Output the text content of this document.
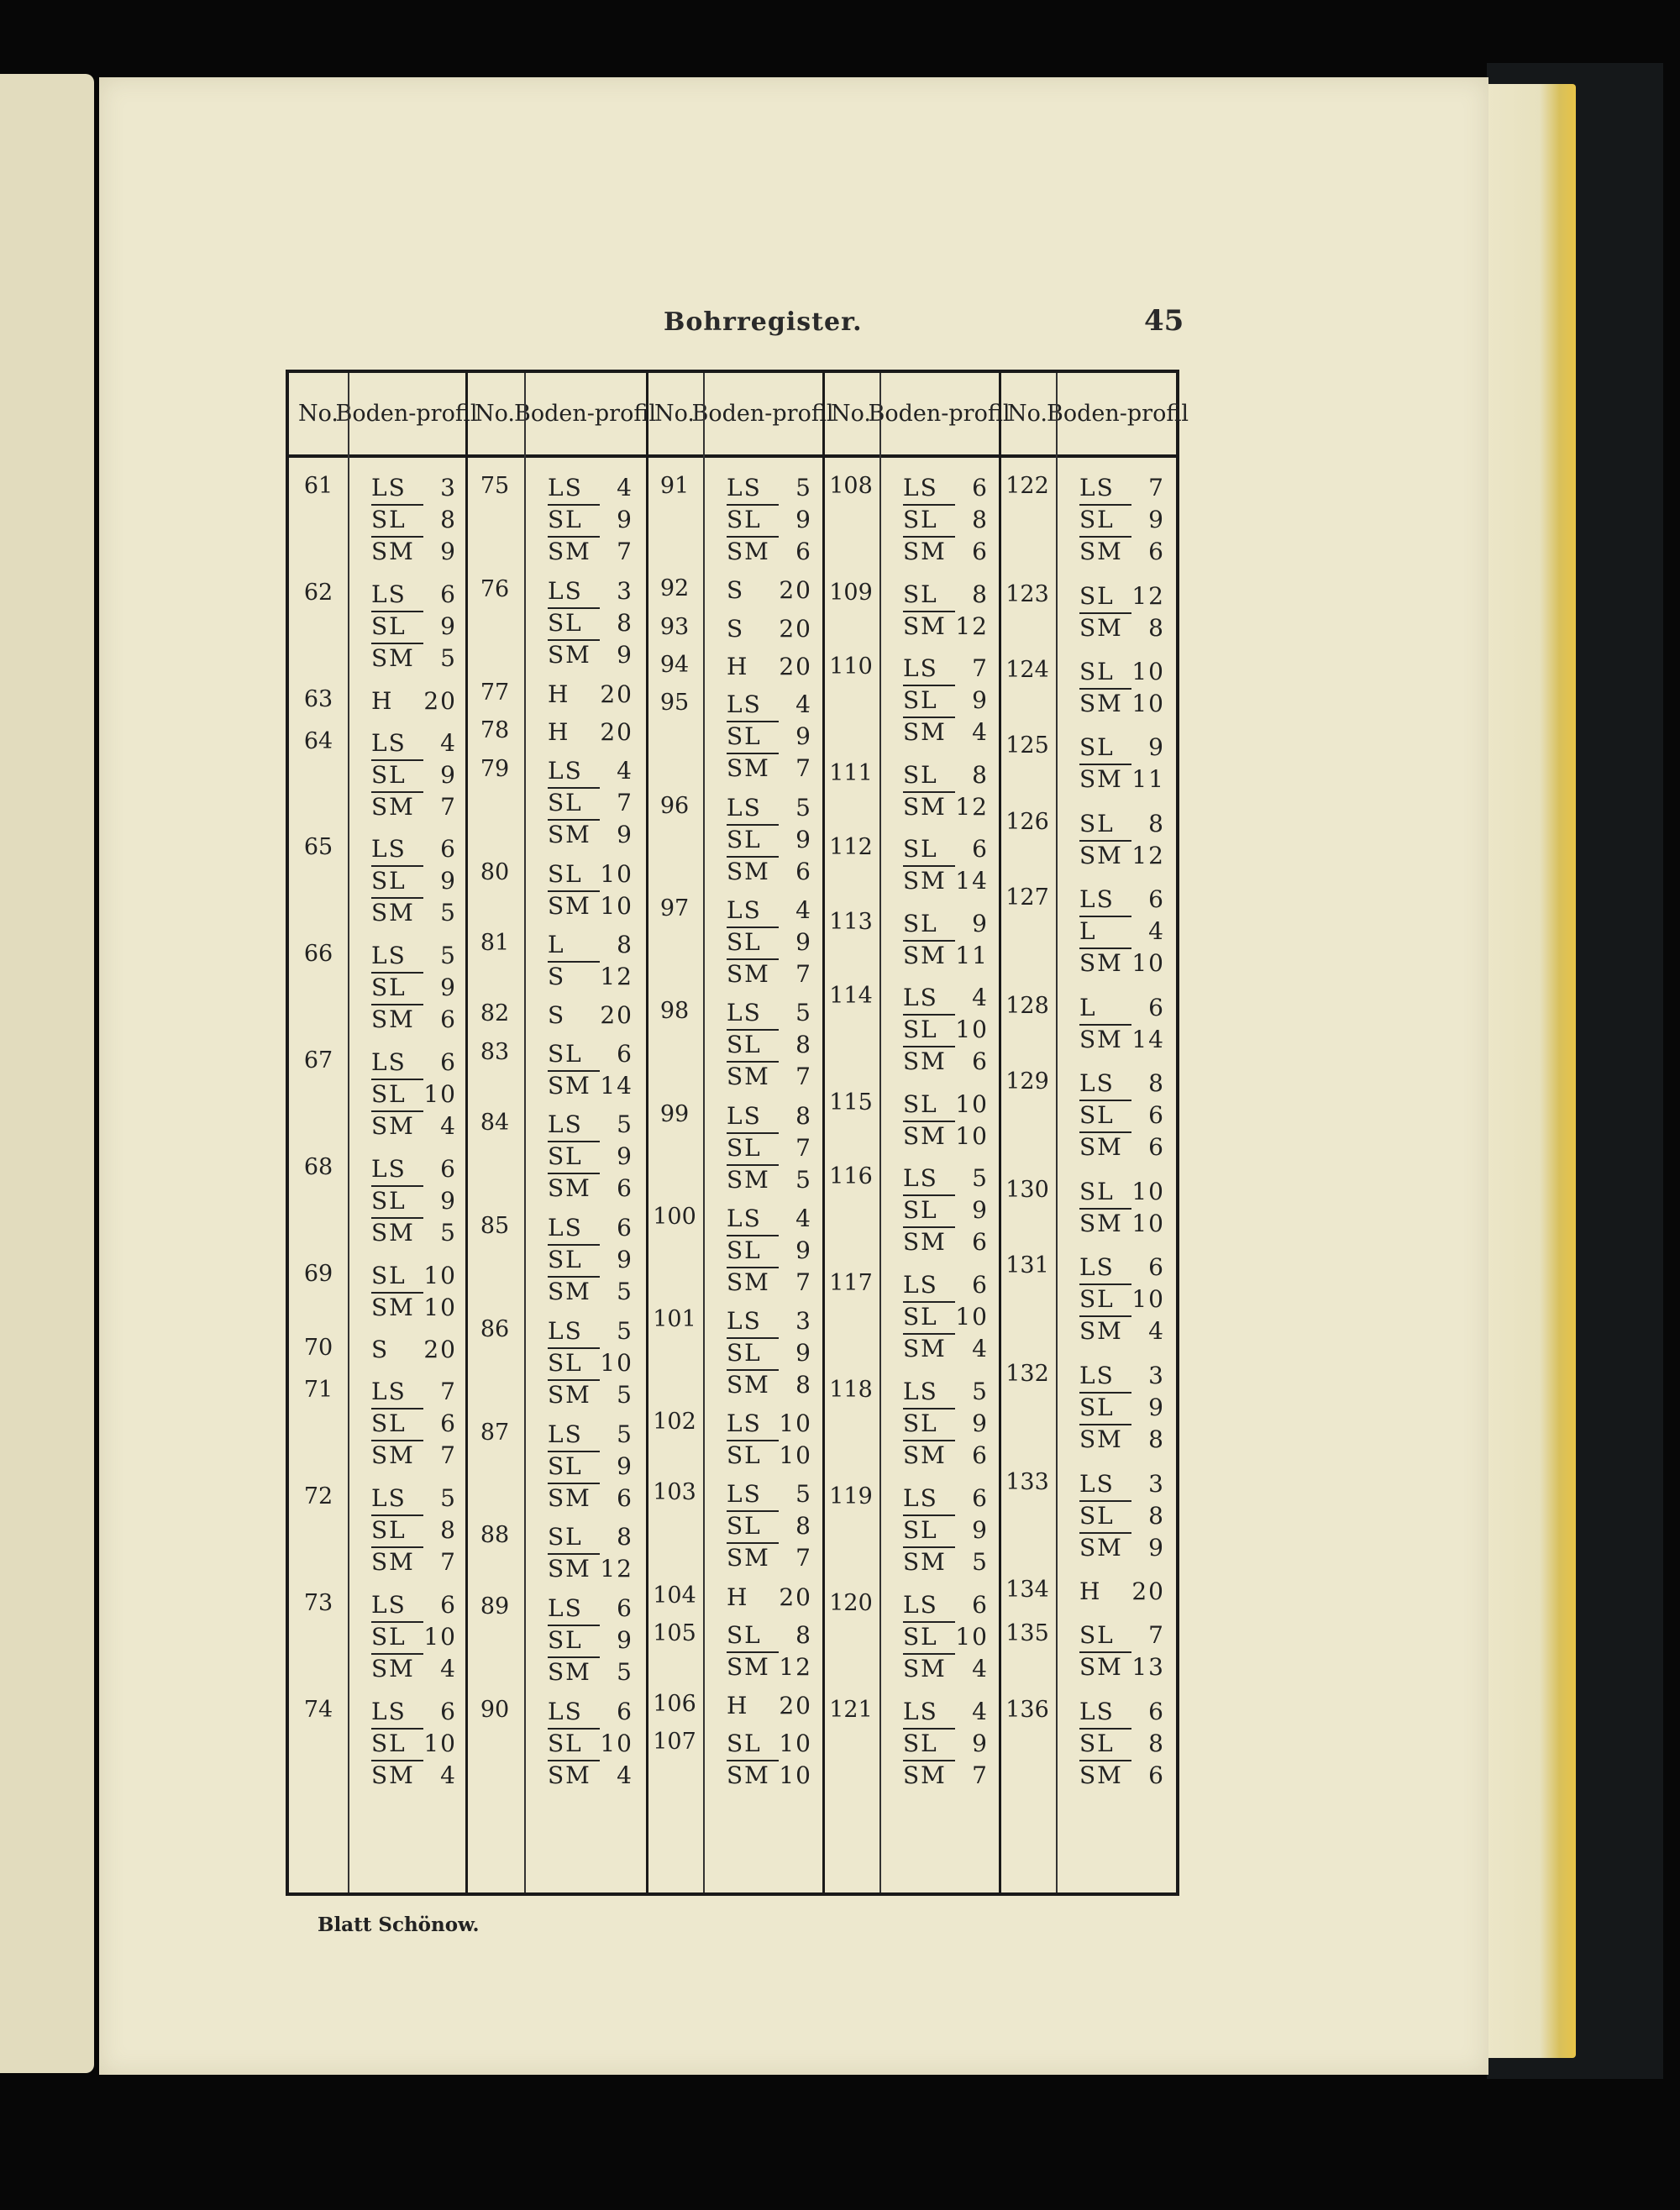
Bohrregister.	45
No.
Boden- profil
61	LS 3
SL 8
SM 9
62	LS 6
SL 9
SM 5
63	H 20
64	LS 4
SL 9
SM 7
65	LS 6
SL 9
SM 5
66	LS 5
SL 9
SM 6
67	LS 6
SL 10
SM 4
68	LS 6
SL 9
SM 5
69	SL 10
SM 10
70	S 20
71	LS 7
SL 6
SM 7
72	LS 5
SL 8
SM 7
73	LS 6
SL 10
SM 4
74	LS 6
SL 10
SM 4
No. Boden- profil
75	LS 4
SL 9
SM 7
76	LS 3
SL 8
SM 9
77	H 20
78	H 20
79	LS 4
SL 7
SM 9
80	SL 10
SM 10
81	L 8
S 12
82	S 20
83	SL 6
SM 14
84	LS 5
SL 9
SM 6
85	LS 6
SL 9
SM 5
86	LS 5
SL 10
SM 5
87	LS 5
SL 9
SM 6
88	SL 8
SM 12
89	LS 6
SL 9
SM 5
90	LS 6
SL 10
SM 4
No.
Boden- profil
91	LS 5
SL 9
SM 6
92	S 20
93	S 20
94	H 20
95	LS 4
SL 9
SM 7
96	LS 5
SL 9
SM 6
97	LS 4
SL 9
SM 7
98	LS 5
SL 8
SM 7
99	LS 8
SL 7
SM 5
100 LS 4
SL 9
SM 7
101 LS 3
SL 9
SM 8
102 LS 10
SL 10
103 LS 5
SL 8
SM 7
104 H 20
105 SL 8
SM 12
106 H 20
107 SL 10
SM 10
No.
Boden- profil
108 LS 6
SL 8
SM 6
109 SL 8
SM 12
110 LS 7
SL 9
SM 4
111 SL 8
SM 12
112 SL 6
SM 14
113 SL 9
SM 11
114 LS 4
SL 10
SM 6
115 SL 10
SM 10
116 LS 5
SL 9
SM 6
117 LS 6
SL 10
SM 4
118 LS 5
SL 9
SM 6
119 LS 6
SL 9
SM 5
120 LS 6
SL 10
SM 4
121 LS 4
SL 9
SM 7
No. Boden- profil
122 LS 7
SL 9
SM 6
123 SL 12
SM 8
124 SL 10
SM 10
125 SL 9
SM 11
126 SL 8
SM 12
127 LS 6
L 4
SM 10
128 L 6
SM 14
129 LS 8
SL 6
SM 6
130 SL 10
SM 10
131 LS 6
SL 10
SM 4
132 LS 3
SL 9
SM 8
133 LS 3
SL 8
SM 9
134 H 20
135 SL 7
SM 13
136 LS 6
SL 8
SM 6
Blatt Schönow.
